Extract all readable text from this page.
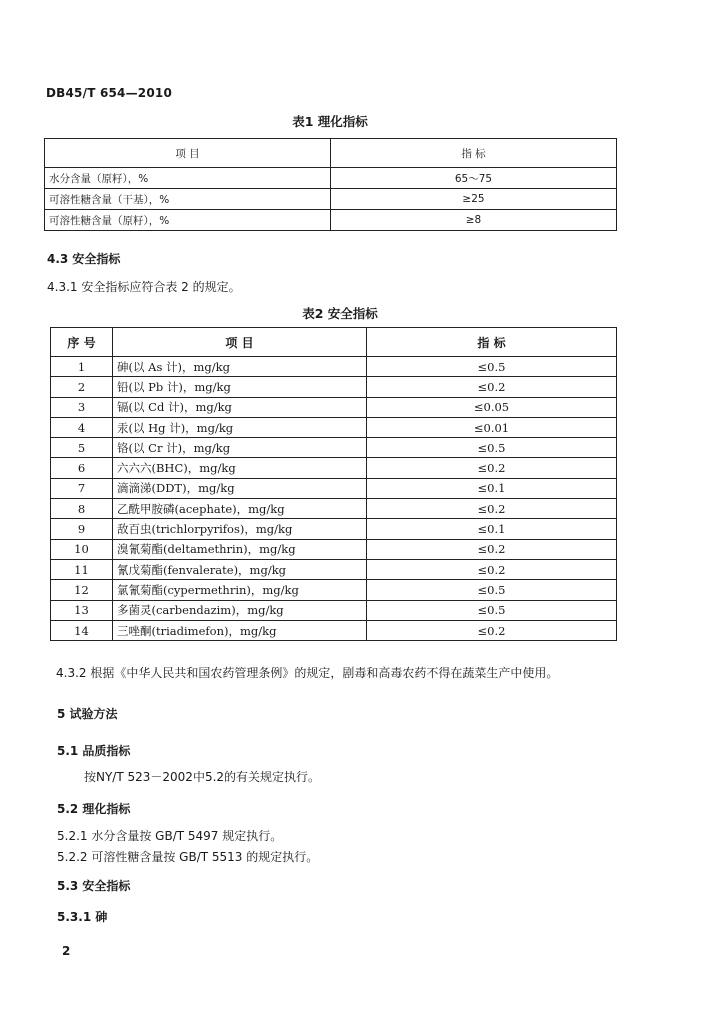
DB45/T 654—2010
表1 理化指标
项 目	指 标
水分含量（原籽），%	65～75
可溶性糖含量（干基），%	≥25
可溶性糖含量（原籽），%	≥8
4.3 安全指标
4.3.1 安全指标应符合表 2 的规定。
表2 安全指标
序 号	项 目	指 标
1	砷(以 As 计)，mg/kg	≤0.5
2	铅(以 Pb 计)，mg/kg	≤0.2
3	镉(以 Cd 计)，mg/kg	≤0.05
4	汞(以 Hg 计)，mg/kg	≤0.01
5	铬(以 Cr 计)，mg/kg	≤0.5
6	六六六(BHC)，mg/kg	≤0.2
7	滴滴涕(DDT)，mg/kg	≤0.1
8	乙酰甲胺磷(acephate)，mg/kg	≤0.2
9	敌百虫(trichlorpyrifos)，mg/kg	≤0.1
10	溴氰菊酯(deltamethrin)，mg/kg	≤0.2
11	氰戊菊酯(fenvalerate)，mg/kg	≤0.2
12	氯氰菊酯(cypermethrin)，mg/kg	≤0.5
13	多菌灵(carbendazim)，mg/kg	≤0.5
14	三唑酮(triadimefon)，mg/kg	≤0.2
4.3.2 根据《中华人民共和国农药管理条例》的规定，剧毒和高毒农药不得在蔬菜生产中使用。
5 试验方法
5.1 品质指标
按NY/T 523－2002中5.2的有关规定执行。
5.2 理化指标
5.2.1 水分含量按 GB/T 5497 规定执行。
5.2.2 可溶性糖含量按 GB/T 5513 的规定执行。
5.3 安全指标
5.3.1 砷
2
